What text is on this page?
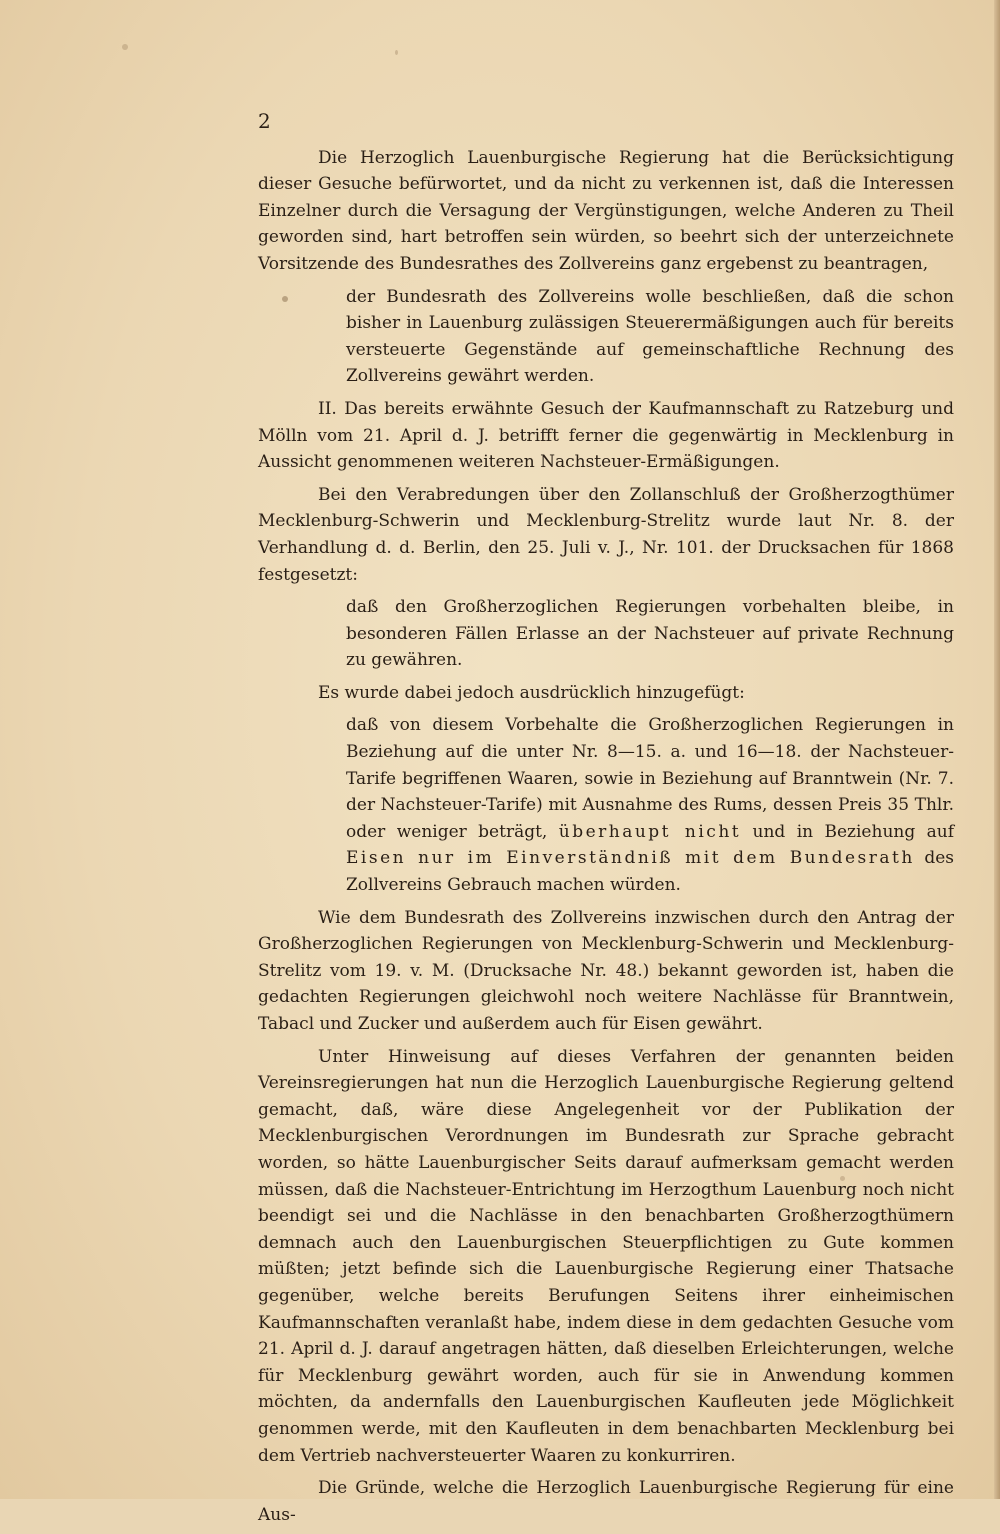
2

Die Herzoglich Lauenburgische Regierung hat die Berücksichtigung dieser Gesuche befürwortet, und da nicht zu verkennen ist, daß die Interessen Einzelner durch die Versagung der Vergünstigungen, welche Anderen zu Theil geworden sind, hart betroffen sein würden, so beehrt sich der unterzeichnete Vorsitzende des Bundesrathes des Zollvereins ganz ergebenst zu beantragen,

der Bundesrath des Zollvereins wolle beschließen, daß die schon bisher in Lauenburg zulässigen Steuerermäßigungen auch für bereits versteuerte Gegenstände auf gemeinschaftliche Rechnung des Zollvereins gewährt werden.

II. Das bereits erwähnte Gesuch der Kaufmannschaft zu Ratzeburg und Mölln vom 21. April d. J. betrifft ferner die gegenwärtig in Mecklenburg in Aussicht genommenen weiteren Nachsteuer-Ermäßigungen.

Bei den Verabredungen über den Zollanschluß der Großherzogthümer Mecklenburg-Schwerin und Mecklenburg-Strelitz wurde laut Nr. 8. der Verhandlung d. d. Berlin, den 25. Juli v. J., Nr. 101. der Drucksachen für 1868 festgesetzt:

daß den Großherzoglichen Regierungen vorbehalten bleibe, in besonderen Fällen Erlasse an der Nachsteuer auf private Rechnung zu gewähren.

Es wurde dabei jedoch ausdrücklich hinzugefügt:

daß von diesem Vorbehalte die Großherzoglichen Regierungen in Beziehung auf die unter Nr. 8—15. a. und 16—18. der Nachsteuer-Tarife begriffenen Waaren, sowie in Beziehung auf Branntwein (Nr. 7. der Nachsteuer-Tarife) mit Ausnahme des Rums, dessen Preis 35 Thlr. oder weniger beträgt, überhaupt nicht und in Beziehung auf Eisen nur im Einverständniß mit dem Bundesrath des Zollvereins Gebrauch machen würden.

Wie dem Bundesrath des Zollvereins inzwischen durch den Antrag der Großherzoglichen Regierungen von Mecklenburg-Schwerin und Mecklenburg-Strelitz vom 19. v. M. (Drucksache Nr. 48.) bekannt geworden ist, haben die gedachten Regierungen gleichwohl noch weitere Nachlässe für Branntwein, Tabacl und Zucker und außerdem auch für Eisen gewährt.

Unter Hinweisung auf dieses Verfahren der genannten beiden Vereinsregierungen hat nun die Herzoglich Lauenburgische Regierung geltend gemacht, daß, wäre diese Angelegenheit vor der Publikation der Mecklenburgischen Verordnungen im Bundesrath zur Sprache gebracht worden, so hätte Lauenburgischer Seits darauf aufmerksam gemacht werden müssen, daß die Nachsteuer-Entrichtung im Herzogthum Lauenburg noch nicht beendigt sei und die Nachlässe in den benachbarten Großherzogthümern demnach auch den Lauenburgischen Steuerpflichtigen zu Gute kommen müßten; jetzt befinde sich die Lauenburgische Regierung einer Thatsache gegenüber, welche bereits Berufungen Seitens ihrer einheimischen Kaufmannschaften veranlaßt habe, indem diese in dem gedachten Gesuche vom 21. April d. J. darauf angetragen hätten, daß dieselben Erleichterungen, welche für Mecklenburg gewährt worden, auch für sie in Anwendung kommen möchten, da andernfalls den Lauenburgischen Kaufleuten jede Möglichkeit genommen werde, mit den Kaufleuten in dem benachbarten Mecklenburg bei dem Vertrieb nachversteuerter Waaren zu konkurriren.

Die Gründe, welche die Herzoglich Lauenburgische Regierung für eine Aus-
